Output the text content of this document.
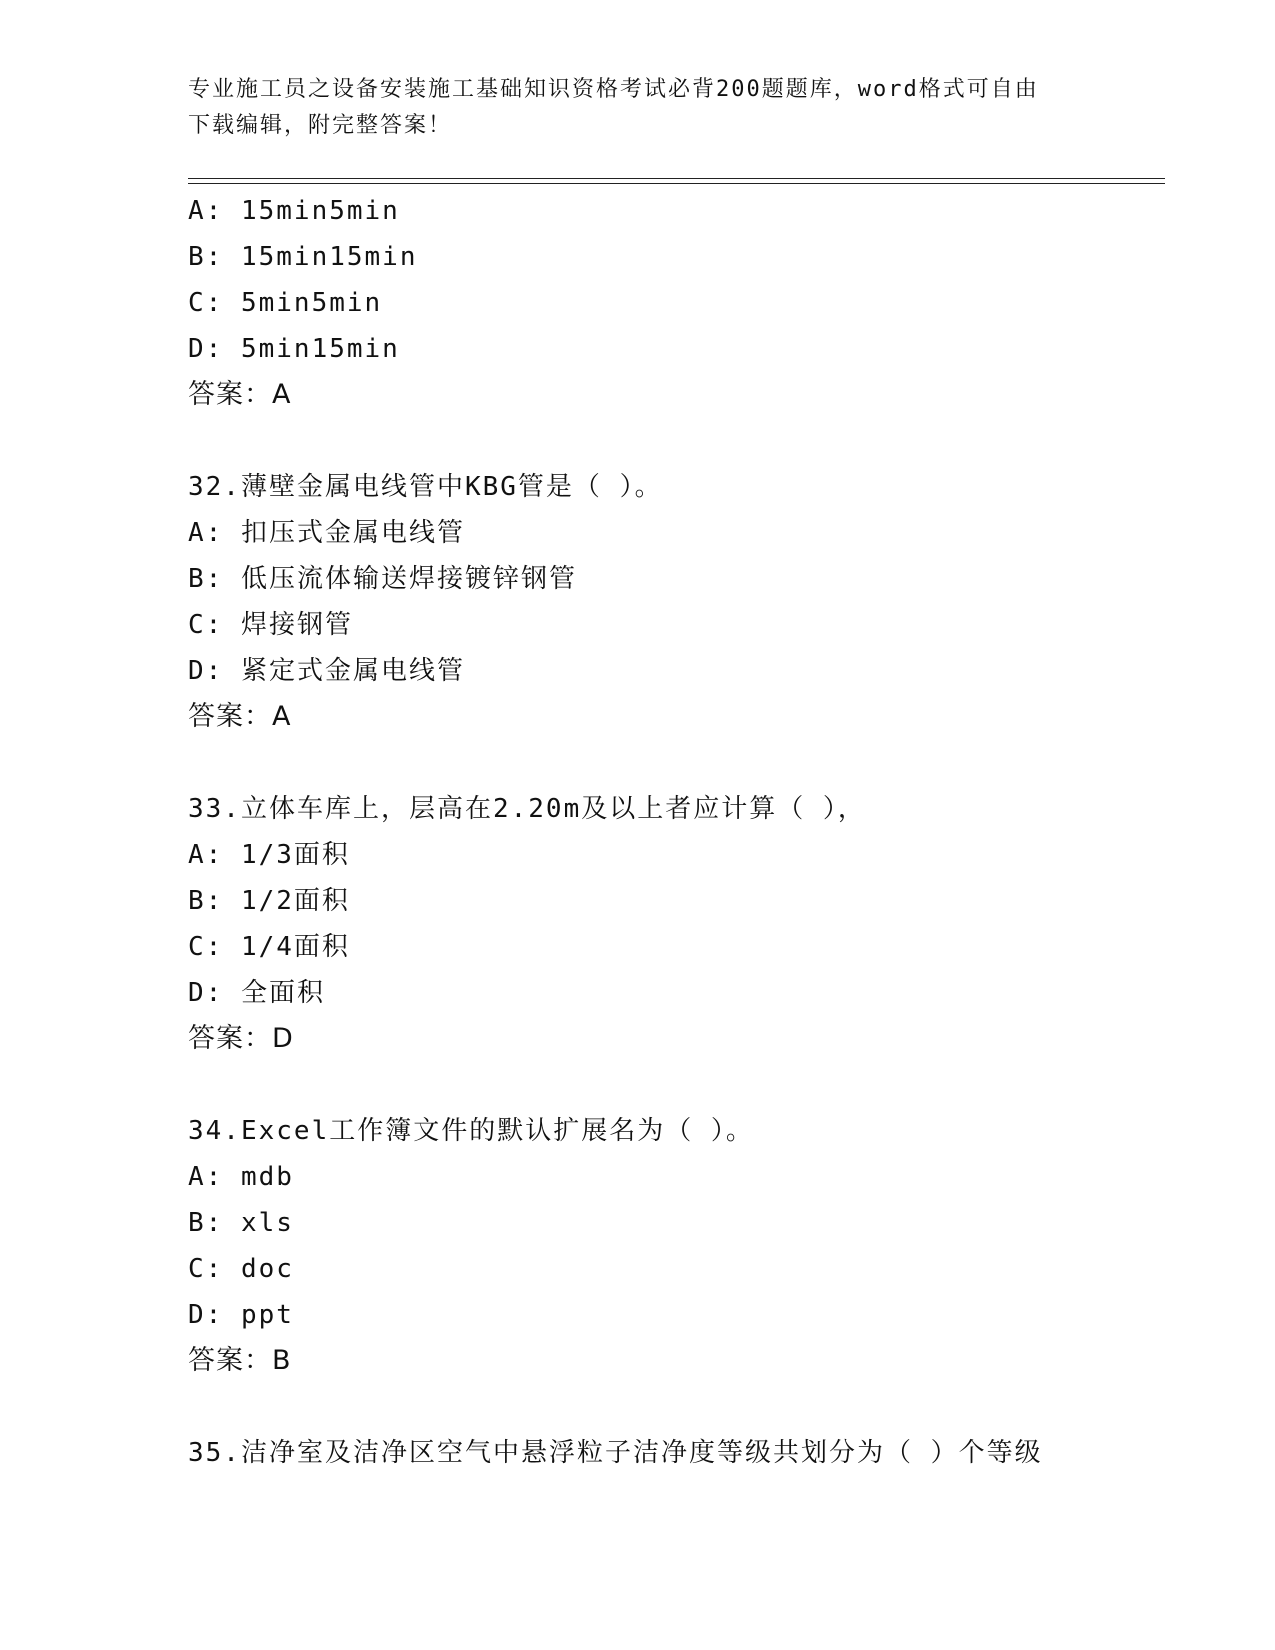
专业施工员之设备安装施工基础知识资格考试必背200题题库，word格式可自由
下载编辑，附完整答案！
A: 15min5min
B: 15min15min
C: 5min5min
D: 5min15min
答案：A
32.薄壁金属电线管中KBG管是（ ）。
A: 扣压式金属电线管
B: 低压流体输送焊接镀锌钢管
C: 焊接钢管
D: 紧定式金属电线管
答案：A
33.立体车库上，层高在2.20m及以上者应计算（ ），
A: 1/3面积
B: 1/2面积
C: 1/4面积
D: 全面积
答案：D
34.Excel工作簿文件的默认扩展名为（ ）。
A: mdb
B: xls
C: doc
D: ppt
答案：B
35.洁净室及洁净区空气中悬浮粒子洁净度等级共划分为（ ）个等级
